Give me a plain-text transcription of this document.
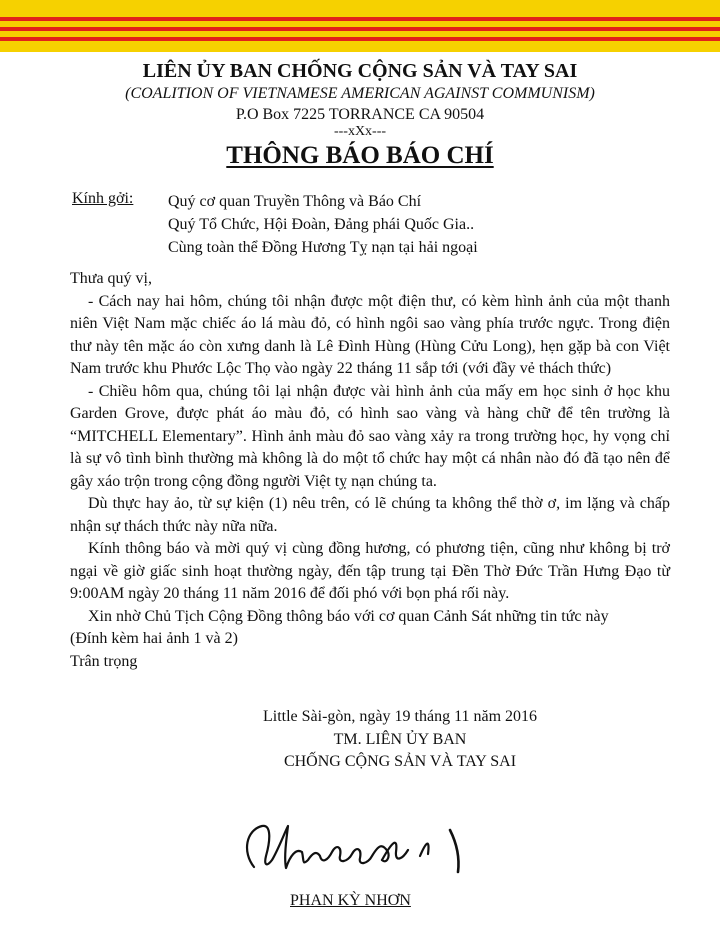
LIÊN ỦY BAN CHỐNG CỘNG SẢN VÀ TAY SAI
(COALITION OF VIETNAMESE AMERICAN AGAINST COMMUNISM)
P.O Box 7225 TORRANCE CA 90504
---xXx---
THÔNG BÁO BÁO CHÍ
Kính gởi: Quý cơ quan Truyền Thông và Báo Chí
Quý Tổ Chức, Hội Đoàn, Đảng phái Quốc Gia..
Cùng toàn thể Đồng Hương Tỵ nạn tại hải ngoại

Thưa quý vị,

- Cách nay hai hôm, chúng tôi nhận được một điện thư, có kèm hình ảnh của một thanh niên Việt Nam mặc chiếc áo lá màu đỏ, có hình ngôi sao vàng phía trước ngực. Trong điện thư này tên mặc áo còn xưng danh là Lê Đình Hùng (Hùng Cửu Long), hẹn gặp bà con Việt Nam trước khu Phước Lộc Thọ vào ngày 22 tháng 11 sắp tới (với đầy vẻ thách thức)

- Chiều hôm qua, chúng tôi lại nhận được vài hình ảnh của mấy em học sinh ở học khu Garden Grove, được phát áo màu đỏ, có hình sao vàng và hàng chữ để tên trường là “MITCHELL Elementary”. Hình ảnh màu đỏ sao vàng xảy ra trong trường học, hy vọng chỉ là sự vô tình bình thường mà không là do một tổ chức hay một cá nhân nào đó đã tạo nên để gây xáo trộn trong cộng đồng người Việt tỵ nạn chúng ta.

Dù thực hay ảo, từ sự kiện (1) nêu trên, có lẽ chúng ta không thể thờ ơ, im lặng và chấp nhận sự thách thức này nữa nữa.

Kính thông báo và mời quý vị cùng đồng hương, có phương tiện, cũng như không bị trở ngại về giờ giấc sinh hoạt thường ngày, đến tập trung tại Đền Thờ Đức Trần Hưng Đạo từ 9:00AM ngày 20 tháng 11 năm 2016 để đối phó với bọn phá rối này.

Xin nhờ Chủ Tịch Cộng Đồng thông báo với cơ quan Cảnh Sát những tin tức này

(Đính kèm hai ảnh 1 và 2)

Trân trọng

Little Sài-gòn, ngày 19 tháng 11 năm 2016
TM. LIÊN ỦY BAN
CHỐNG CỘNG SẢN VÀ TAY SAI
PHAN KỲ NHƠN
